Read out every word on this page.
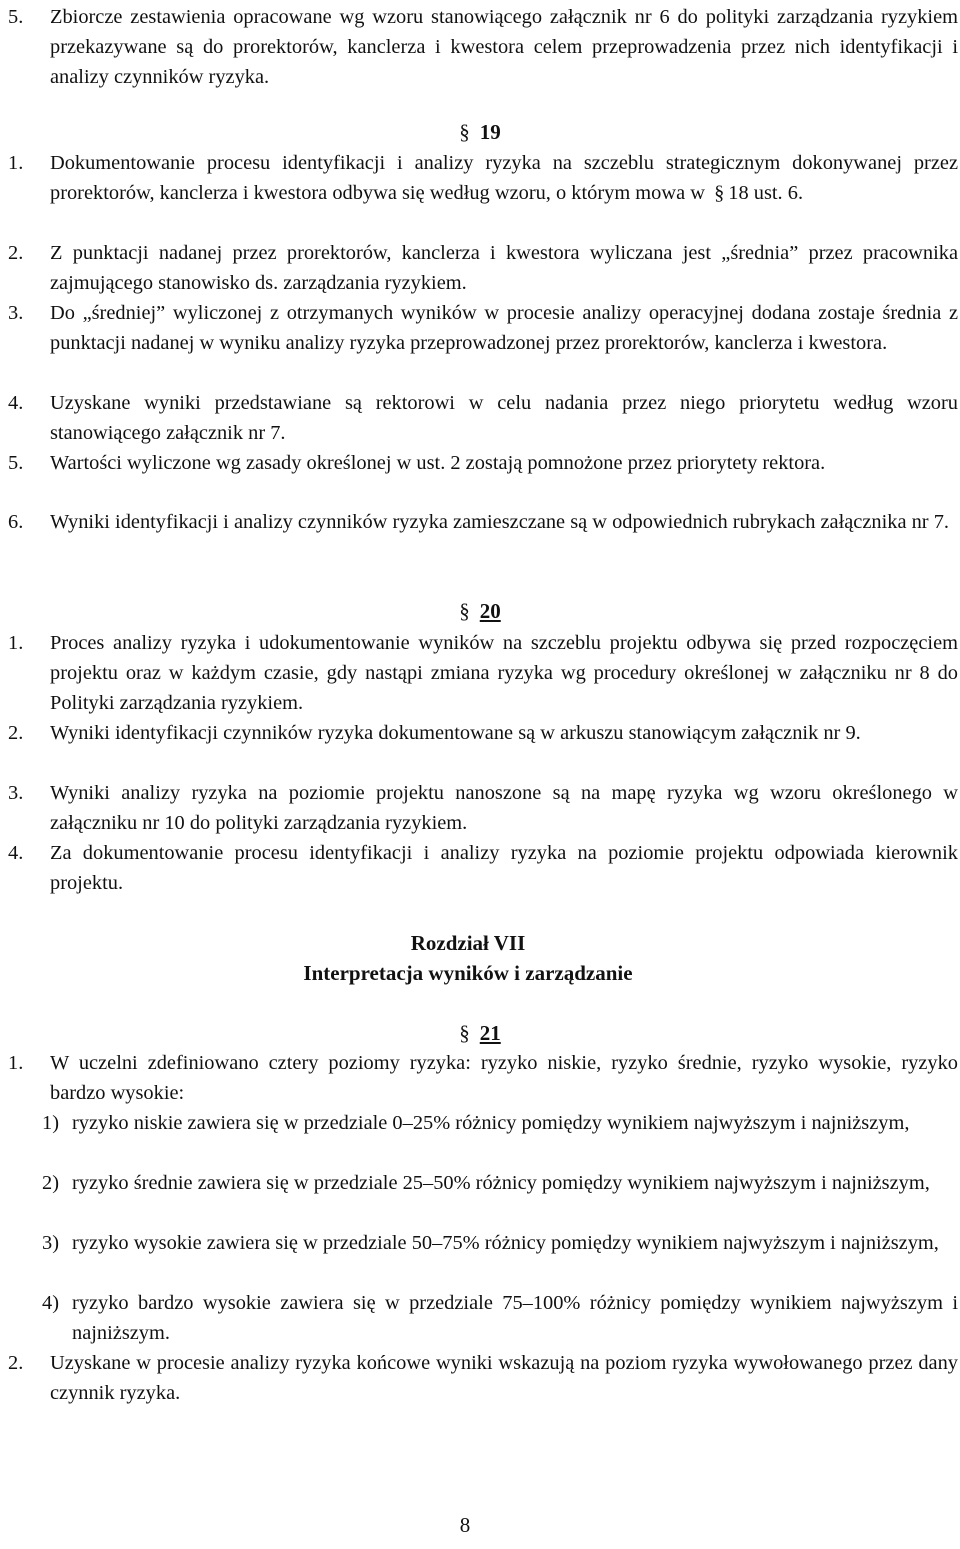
5.	Zbiorcze zestawienia opracowane wg wzoru stanowiącego załącznik nr 6 do polityki zarządzania ryzykiem przekazywane są do prorektorów, kanclerza i kwestora celem przeprowadzenia przez nich identyfikacji i analizy czynników ryzyka.
§ 19
1.	Dokumentowanie procesu identyfikacji i analizy ryzyka na szczeblu strategicznym dokonywanej przez prorektorów, kanclerza i kwestora odbywa się według wzoru, o którym mowa w § 18 ust. 6.
2.	Z punktacji nadanej przez prorektorów, kanclerza i kwestora wyliczana jest „średnia” przez pracownika zajmującego stanowisko ds. zarządzania ryzykiem.
3.	Do „średniej” wyliczonej z otrzymanych wyników w procesie analizy operacyjnej dodana zostaje średnia z punktacji nadanej w wyniku analizy ryzyka przeprowadzonej przez prorektorów, kanclerza i kwestora.
4.	Uzyskane wyniki przedstawiane są rektorowi w celu nadania przez niego priorytetu według wzoru stanowiącego załącznik nr 7.
5.	Wartości wyliczone wg zasady określonej w ust. 2 zostają pomnożone przez priorytety rektora.
6.	Wyniki identyfikacji i analizy czynników ryzyka zamieszczane są w odpowiednich rubrykach załącznika nr 7.
§ 20
1.	Proces analizy ryzyka i udokumentowanie wyników na szczeblu projektu odbywa się przed rozpoczęciem projektu oraz w każdym czasie, gdy nastąpi zmiana ryzyka wg procedury określonej w załączniku nr 8 do Polityki zarządzania ryzykiem.
2.	Wyniki identyfikacji czynników ryzyka dokumentowane są w arkuszu stanowiącym załącznik nr 9.
3.	Wyniki analizy ryzyka na poziomie projektu nanoszone są na mapę ryzyka wg wzoru określonego w załączniku nr 10 do polityki zarządzania ryzykiem.
4.	Za dokumentowanie procesu identyfikacji i analizy ryzyka na poziomie projektu odpowiada kierownik projektu.
Rozdział VII
Interpretacja wyników i zarządzanie
§ 21
1.	W uczelni zdefiniowano cztery poziomy ryzyka: ryzyko niskie, ryzyko średnie, ryzyko wysokie, ryzyko bardzo wysokie:
1) ryzyko niskie zawiera się w przedziale 0–25% różnicy pomiędzy wynikiem najwyższym i najniższym,
2) ryzyko średnie zawiera się w przedziale 25–50% różnicy pomiędzy wynikiem najwyższym i najniższym,
3) ryzyko wysokie zawiera się w przedziale 50–75% różnicy pomiędzy wynikiem najwyższym i najniższym,
4) ryzyko bardzo wysokie zawiera się w przedziale 75–100% różnicy pomiędzy wynikiem najwyższym i najniższym.
2.	Uzyskane w procesie analizy ryzyka końcowe wyniki wskazują na poziom ryzyka wywołowanego przez dany czynnik ryzyka.
8
